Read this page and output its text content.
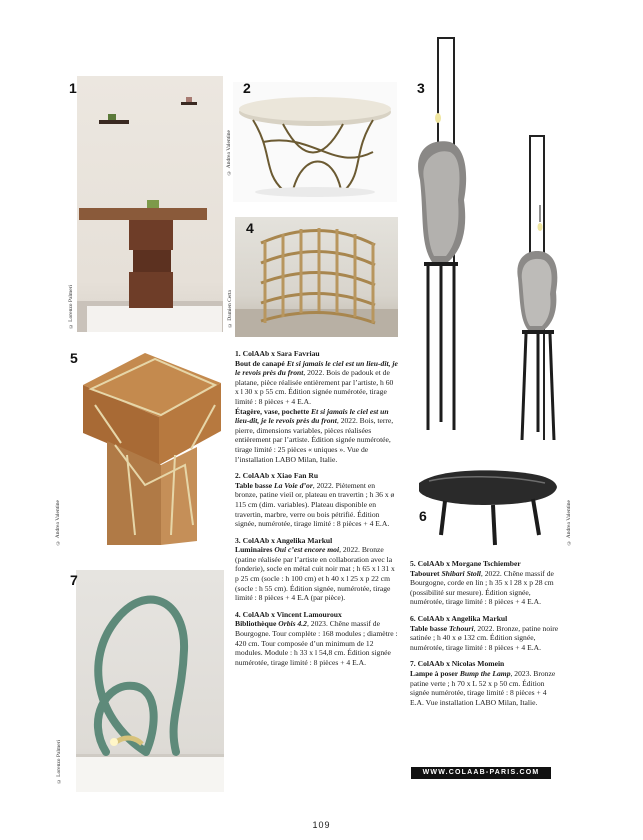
1
© Lorenzo Palmeri
2
© Andrea Valentine
4
© Damien Certa
3
5
© Andrea Valentine
7
© Lorenzo Palmeri
6	© Andrea Valentine

1. ColAAb x Sara Favriau
Bout de canapé Et si jamais le ciel est un lieu-dit, je le revois près du front, 2022. Bois de padouk et de platane, pièce réalisée entièrement par l’artiste, h 60 x l 30 x p 55 cm. Édition signée numérotée, tirage limité : 8 pièces + 4 E.A.
Étagère, vase, pochette Et si jamais le ciel est un lieu-dit, je le revois près du front, 2022. Bois, terre, pierre, dimensions variables, pièces réalisées entièrement par l’artiste. Édition signée numérotée, tirage limité : 25 pièces « uniques ». Vue de l’installation LABO Milan, Italie.

2. ColAAb x Xiao Fan Ru
Table basse La Voie d’or, 2022. Piètement en bronze, patine vieil or, plateau en travertin ; h 36 x ø 115 cm (dim. variables). Plateau disponible en travertin, marbre, verre ou bois pétrifié. Édition signée, numérotée, tirage limité : 8 pièces + 4 E.A.

3. ColAAb x Angelika Markul
Luminaires Oui c’est encore moi, 2022. Bronze (patine réalisée par l’artiste en collaboration avec la fonderie), socle en métal cuit noir mat ; h 65 x l 31 x p 25 cm (socle : h 100 cm) et h 40 x l 25 x p 22 cm (socle : h 55 cm). Édition signée, numérotée, tirage limité : 8 pièces + 4 E.A (par pièce).

4. ColAAb x Vincent Lamouroux
Bibliothèque Orbis 4.2, 2023. Chêne massif de Bourgogne. Tour complète : 168 modules ; diamètre : 420 cm. Tour composée d’un minimum de 12 modules. Module : h 33 x l 54,8 cm. Édition signée numérotée, tirage limité : 8 pièces + 4 E.A.

5. ColAAb x Morgane Tschiember
Tabouret Shibari Stoll, 2022. Chêne massif de Bourgogne, corde en lin ; h 35 x l 28 x p 28 cm (possibilité sur mesure). Édition signée, numérotée, tirage limité : 8 pièces + 4 E.A.

6. ColAAb x Angelika Markul
Table basse Tchouri, 2022. Bronze, patine noire satinée ; h 40 x ø 132 cm. Édition signée, numérotée, tirage limité : 8 pièces + 4 E.A.

7. ColAAb x Nicolas Momein
Lampe à poser Bump the Lamp, 2023. Bronze patine verte ; h 70 x L 52 x p 50 cm. Édition signée numérotée, tirage limité : 8 pièces + 4 E.A. Vue installation LABO Milan, Italie.

WWW.COLAAB-PARIS.COM
109
